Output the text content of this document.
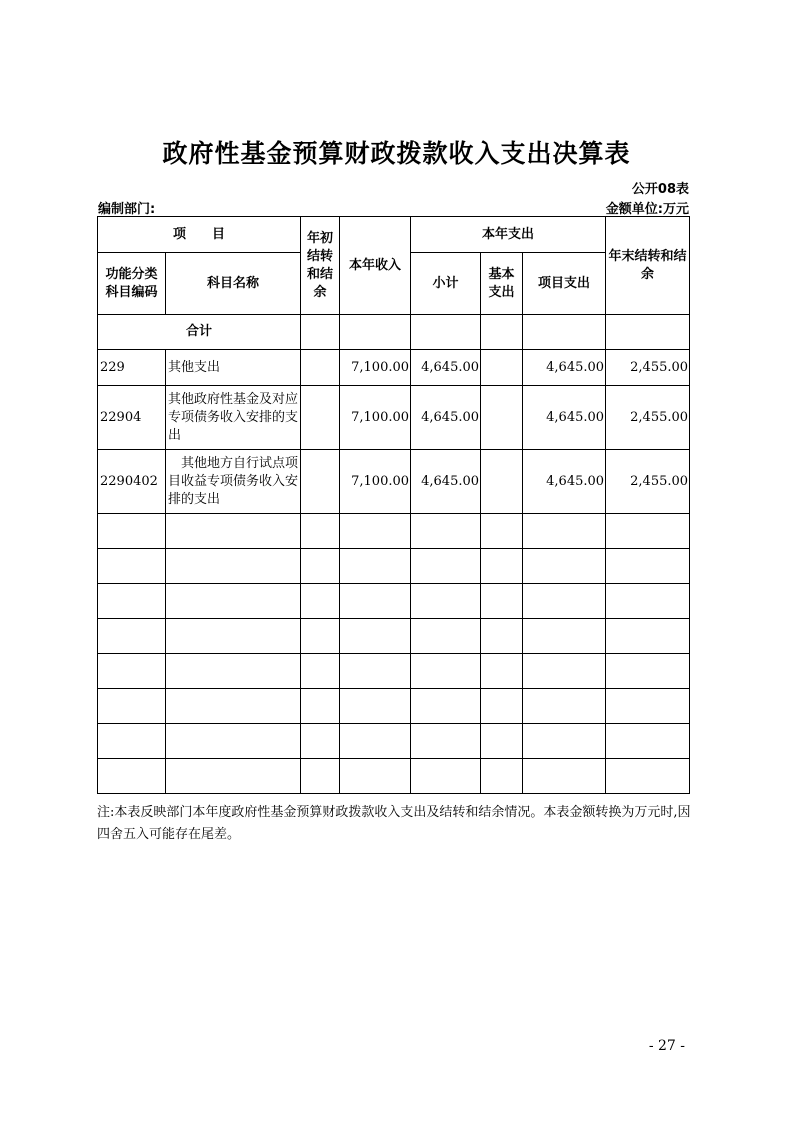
政府性基金预算财政拨款收入支出决算表
公开08表
编制部门:	金额单位:万元
项　　目		年初结转和结余	本年收入	本年支出			年末结转和结余
功能分类科目编码	科目名称			小计	基本支出	项目支出	
合计							
229	其他支出		7,100.00	4,645.00		4,645.00	2,455.00
22904	其他政府性基金及对应专项债务收入安排的支出		7,100.00	4,645.00		4,645.00	2,455.00
2290402	　其他地方自行试点项目收益专项债务收入安排的支出		7,100.00	4,645.00		4,645.00	2,455.00

注:本表反映部门本年度政府性基金预算财政拨款收入支出及结转和结余情况。本表金额转换为万元时,因四舍五入可能存在尾差。
- 27 -
